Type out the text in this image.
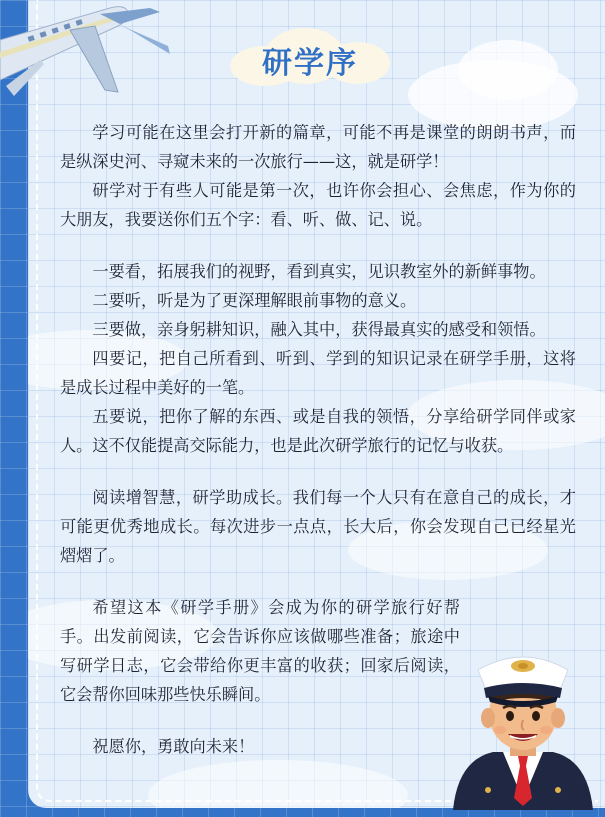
研学序

学习可能在这里会打开新的篇章，可能不再是课堂的朗朗书声，而是纵深史河、寻窥未来的一次旅行——这，就是研学！

研学对于有些人可能是第一次，也许你会担心、会焦虑，作为你的大朋友，我要送你们五个字：看、听、做、记、说。

一要看，拓展我们的视野，看到真实，见识教室外的新鲜事物。

二要听，听是为了更深理解眼前事物的意义。

三要做，亲身躬耕知识，融入其中，获得最真实的感受和领悟。

四要记，把自己所看到、听到、学到的知识记录在研学手册，这将是成长过程中美好的一笔。

五要说，把你了解的东西、或是自我的领悟，分享给研学同伴或家人。这不仅能提高交际能力，也是此次研学旅行的记忆与收获。

阅读增智慧，研学助成长。我们每一个人只有在意自己的成长，才可能更优秀地成长。每次进步一点点，长大后，你会发现自己已经星光熠熠了。

希望这本《研学手册》会成为你的研学旅行好帮手。出发前阅读，它会告诉你应该做哪些准备；旅途中写研学日志，它会带给你更丰富的收获；回家后阅读，它会帮你回味那些快乐瞬间。

祝愿你，勇敢向未来！
